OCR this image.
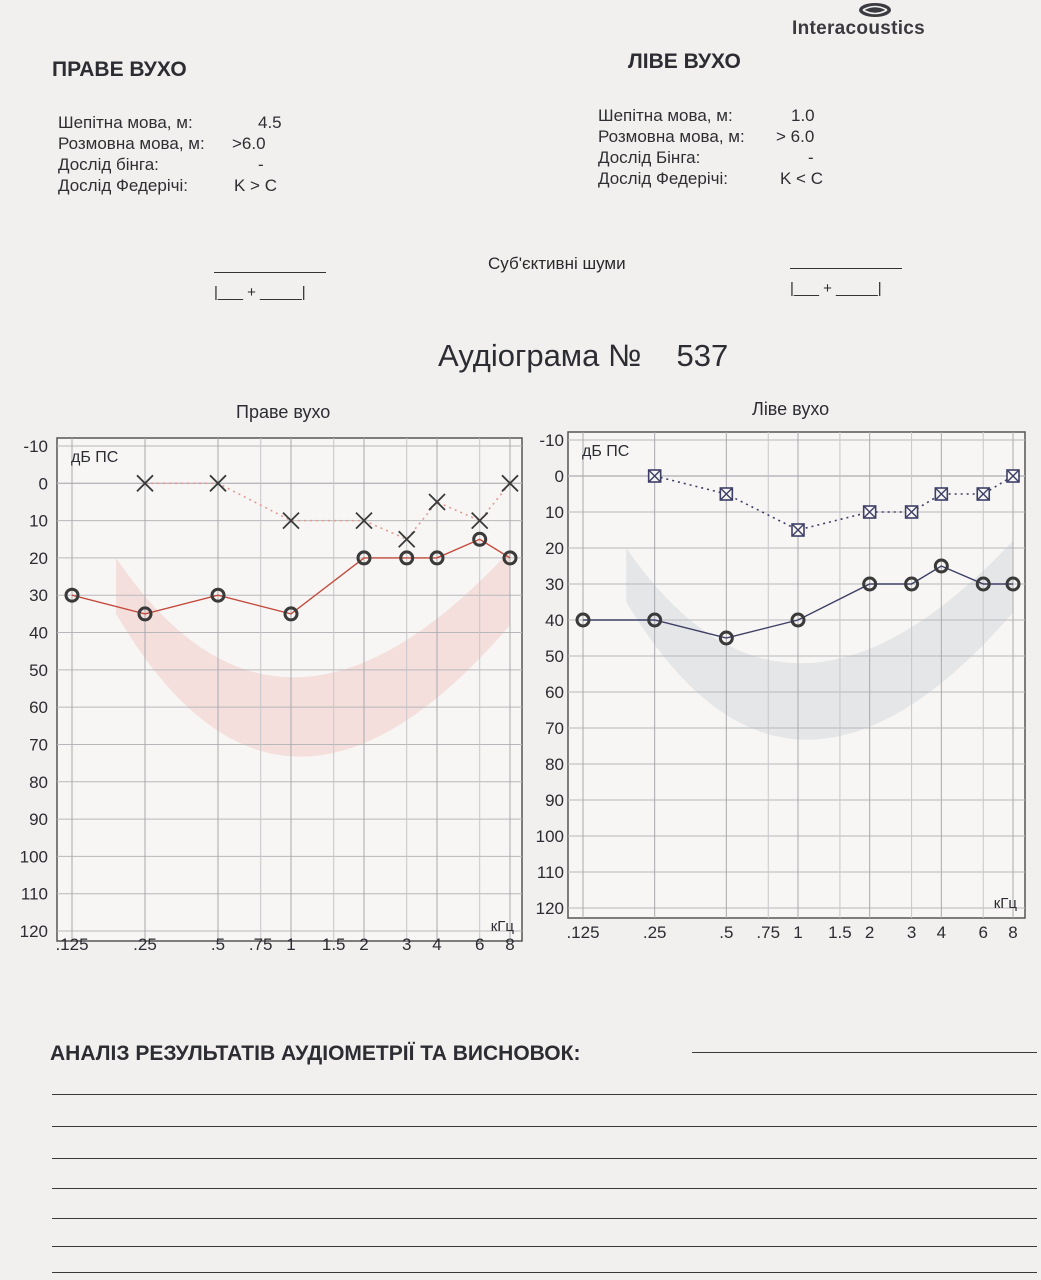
Interacoustics
ПРАВЕ ВУХО
Шепітна мова, м:	4.5
Розмовна мова, м: >6.0
Дослід бінга:	-
Дослід Федерічі:	K > C
ЛІВЕ ВУХО
Шепітна мова, м:	1.0
Розмовна мова, м: > 6.0
Дослід Бінга:	-
Дослід Федерічі:	K < C
Суб'єктивні шуми
|___ + _____|	|___ + _____|
Аудіограма № 537
Праве вухо	Ліве вухо
-10
0
10
20
30
40
50
60
70
80
90
100
110
120
.125	.25	.5 .75 1 1.5 2 3 4 6 8
дБ ПС
кГц
-10
0
10
20
30
40
50
60
70
80
90
100
110
120
.125	.25	.5 .75 1 1.5 2 3 4 6 8
дБ ПС
кГц
АНАЛІЗ РЕЗУЛЬТАТІВ АУДІОМЕТРІЇ ТА ВИСНОВОК:
